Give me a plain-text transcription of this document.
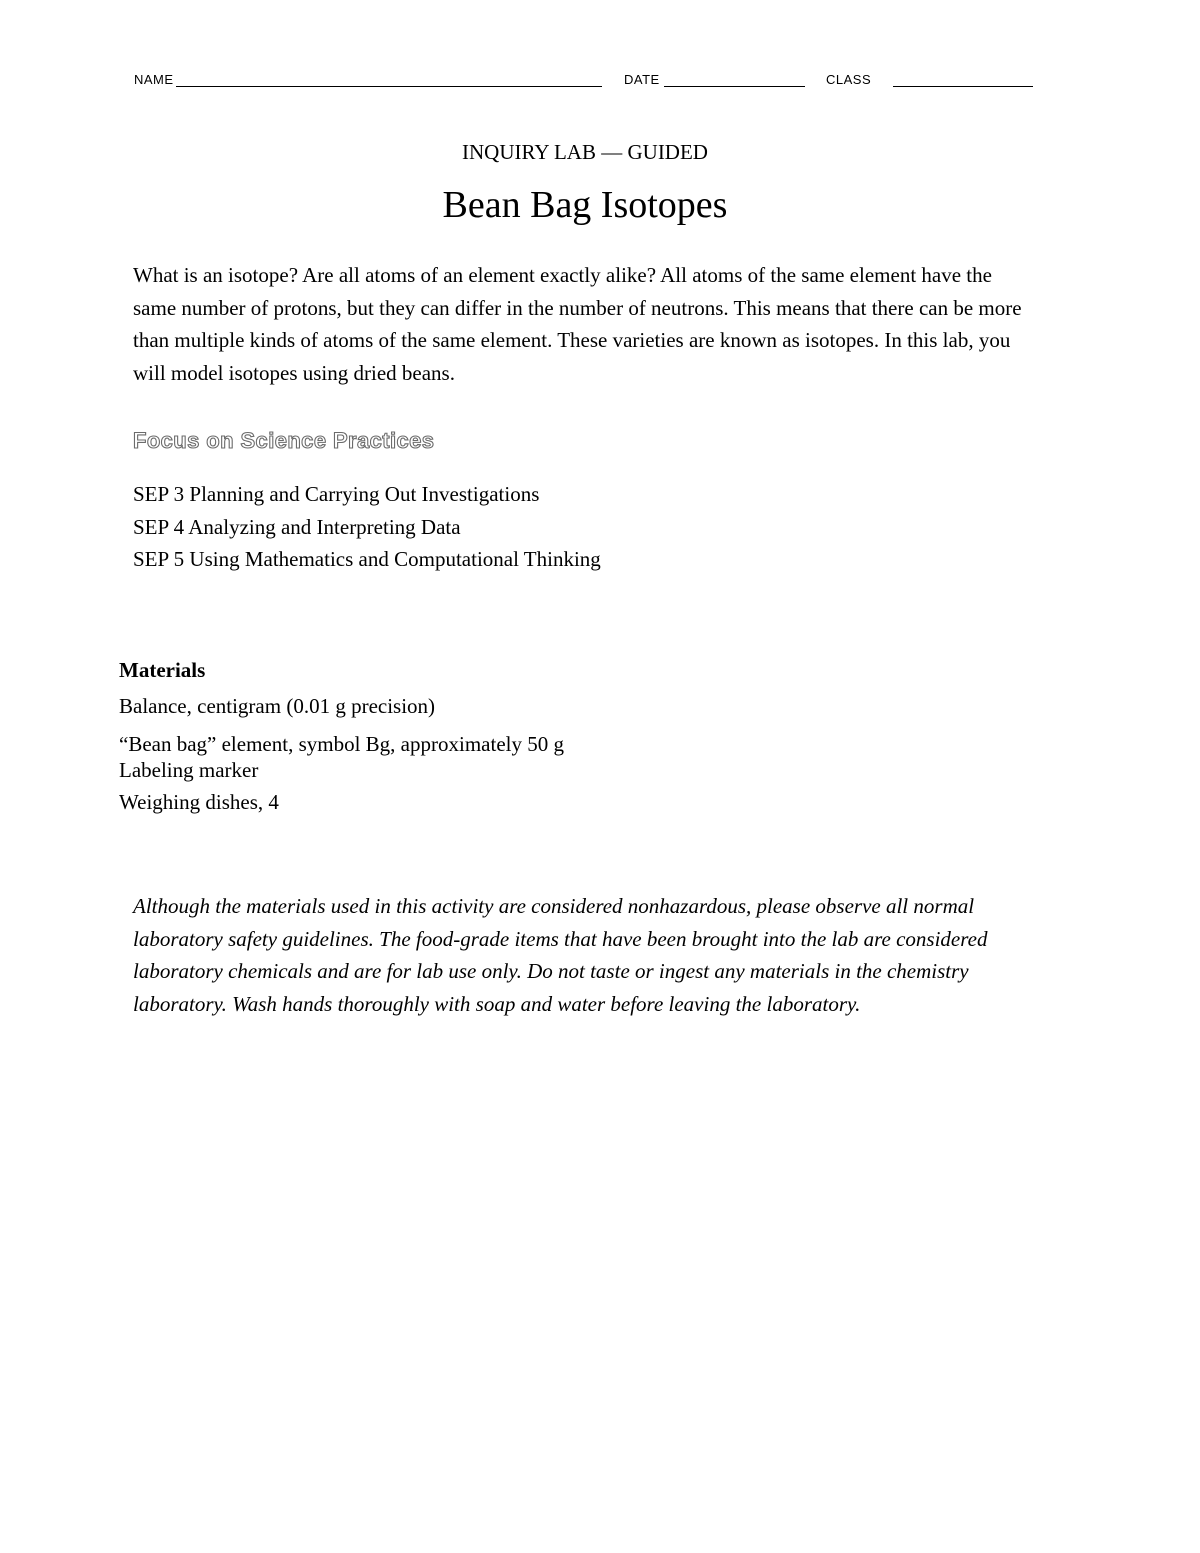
NAME	DATE	CLASS
INQUIRY LAB — GUIDED
Bean Bag Isotopes

What is an isotope? Are all atoms of an element exactly alike? All atoms of the same element have the same number of protons, but they can differ in the number of neutrons. This means that there can be more than multiple kinds of atoms of the same element. These varieties are known as isotopes. In this lab, you will model isotopes using dried beans.

Focus on Science Practices
SEP 3 Planning and Carrying Out Investigations
SEP 4 Analyzing and Interpreting Data
SEP 5 Using Mathematics and Computational Thinking
Materials
Balance, centigram (0.01 g precision)
“Bean bag” element, symbol Bg, approximately 50 g
Labeling marker
Weighing dishes, 4

Although the materials used in this activity are considered nonhazardous, please observe all normal laboratory safety guidelines. The food-grade items that have been brought into the lab are considered laboratory chemicals and are for lab use only. Do not taste or ingest any materials in the chemistry laboratory. Wash hands thoroughly with soap and water before leaving the laboratory.
